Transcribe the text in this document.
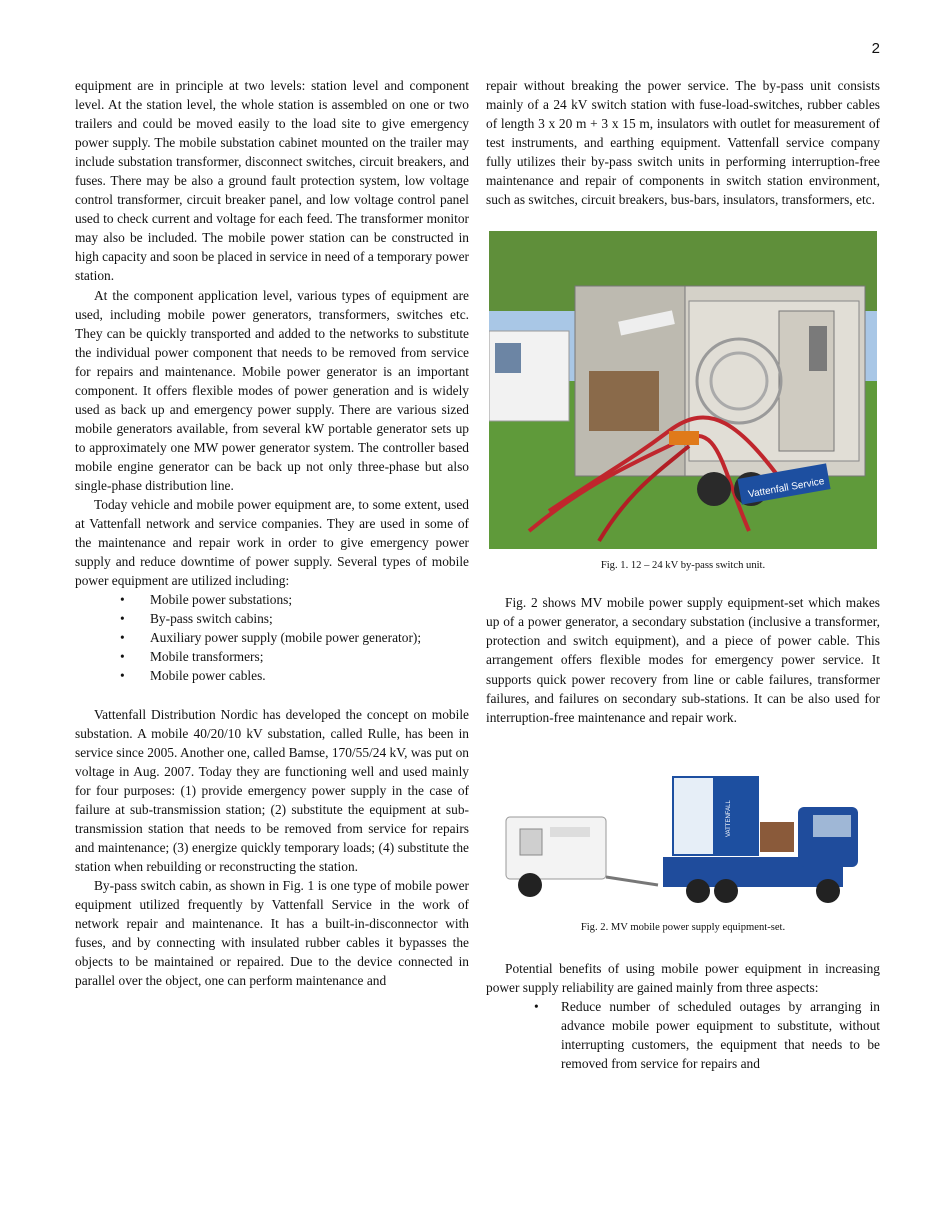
2

equipment are in principle at two levels: station level and component level. At the station level, the whole station is assembled on one or two trailers and could be moved easily to the load site to give emergency power supply. The mobile substation cabinet mounted on the trailer may include substation transformer, disconnect switches, circuit breakers, and fuses. There may be also a ground fault protection system, low voltage control transformer, circuit breaker panel, and low voltage control panel used to check current and voltage for each feed. The transformer monitor may also be included. The mobile power station can be constructed in high capacity and soon be placed in service in need of a temporary power station.

At the component application level, various types of equipment are used, including mobile power generators, transformers, switches etc. They can be quickly transported and added to the networks to substitute the individual power component that needs to be removed from service for repairs and maintenance. Mobile power generator is an important component. It offers flexible modes of power generation and is widely used as back up and emergency power supply. There are various sized mobile generators available, from several kW portable generator sets up to approximately one MW power generator system. The controller based mobile engine generator can be back up not only three-phase but also single-phase distribution line.

Today vehicle and mobile power equipment are, to some extent, used at Vattenfall network and service companies. They are used in some of the maintenance and repair work in order to give emergency power supply and reduce downtime of power supply. Several types of mobile power equipment are utilized including:

• Mobile power substations;
• By-pass switch cabins;
• Auxiliary power supply (mobile power generator);
• Mobile transformers;
• Mobile power cables.

Vattenfall Distribution Nordic has developed the concept on mobile substation. A mobile 40/20/10 kV substation, called Rulle, has been in service since 2005. Another one, called Bamse, 170/55/24 kV, was put on voltage in Aug. 2007. Today they are functioning well and used mainly for four purposes: (1) provide emergency power supply in the case of failure at sub-transmission station; (2) substitute the equipment at sub-transmission station that needs to be removed from service for repairs and maintenance; (3) energize quickly temporary loads; (4) substitute the station when rebuilding or reconstructing the station.

By-pass switch cabin, as shown in Fig. 1 is one type of mobile power equipment utilized frequently by Vattenfall Service in the work of network repair and maintenance. It has a built-in-disconnector with fuses, and by connecting with insulated rubber cables it bypasses the objects to be maintained or repaired. Due to the device connected in parallel over the object, one can perform maintenance and

repair without breaking the power service. The by-pass unit consists mainly of a 24 kV switch station with fuse-load-switches, rubber cables of length 3 x 20 m + 3 x 15 m, insulators with outlet for measurement of test instruments, and earthing equipment. Vattenfall service company fully utilizes their by-pass switch units in performing interruption-free maintenance and repair of components in switch station environment, such as switches, circuit breakers, bus-bars, insulators, transformers, etc.

Vattenfall Service
Fig. 1. 12 – 24 kV by-pass switch unit.

Fig. 2 shows MV mobile power supply equipment-set which makes up of a power generator, a secondary substation (inclusive a transformer, protection and switch equipment), and a piece of power cable. This arrangement offers flexible modes for emergency power service. It supports quick power recovery from line or cable failures, transformer failures, and failures on secondary sub-stations. It can be also used for interruption-free maintenance and repair work.

VATTENFALL
Fig. 2. MV mobile power supply equipment-set.

Potential benefits of using mobile power equipment in increasing power supply reliability are gained mainly from three aspects:

• Reduce number of scheduled outages by arranging in advance mobile power equipment to substitute, without interrupting customers, the equipment that needs to be removed from service for repairs and
